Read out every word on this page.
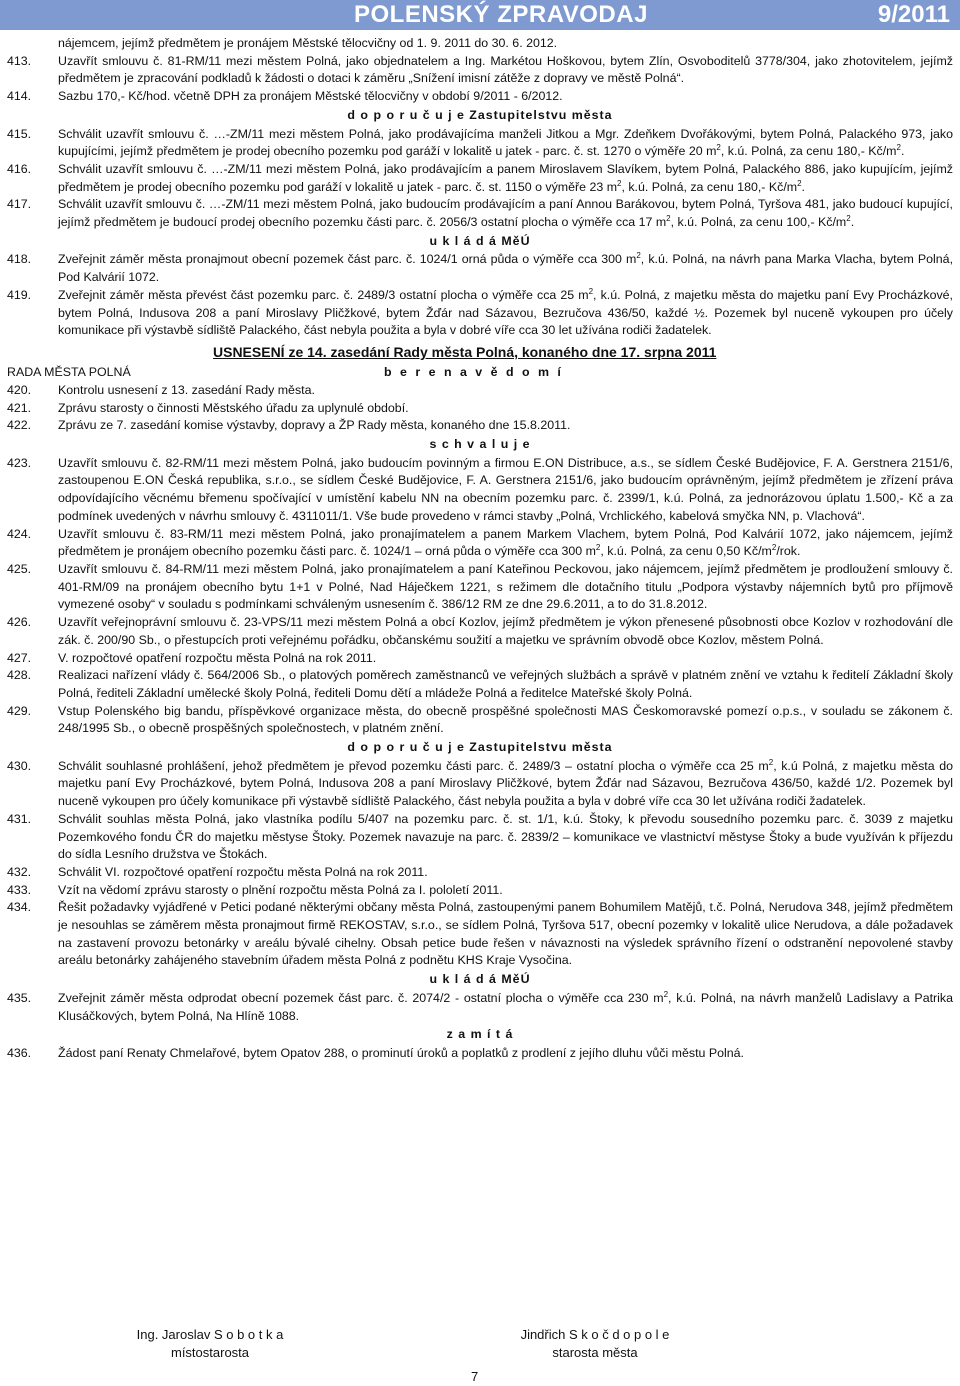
POLENSKÝ ZPRAVODAJ	9/2011
nájemcem, jejímž předmětem je pronájem Městské tělocvičny od 1. 9. 2011 do 30. 6. 2012.
413.	Uzavřít smlouvu č. 81-RM/11 mezi městem Polná, jako objednatelem a Ing. Markétou Hoškovou, bytem Zlín, Osvoboditelů 3778/304, jako zhotovitelem, jejímž předmětem je zpracování podkladů k žádosti o dotaci k záměru „Snížení imisní zátěže z dopravy ve městě Polná“.
414.	Sazbu 170,- Kč/hod. včetně DPH za pronájem Městské tělocvičny v období 9/2011 - 6/2012.
d o p o r u č u j e Zastupitelstvu města
415.	Schválit uzavřít smlouvu č. …-ZM/11 mezi městem Polná, jako prodávajícíma manželi Jitkou a Mgr. Zdeňkem Dvořákovými, bytem Polná, Palackého 973, jako kupujícími, jejímž předmětem je prodej obecního pozemku pod garáží v lokalitě u jatek - parc. č. st. 1270 o výměře 20 $m^2$, k.ú. Polná, za cenu 180,- $Kč/m^2$.
416.	Schválit uzavřít smlouvu č. …-ZM/11 mezi městem Polná, jako prodávajícím a panem Miroslavem Slavíkem, bytem Polná, Palackého 886, jako kupujícím, jejímž předmětem je prodej obecního pozemku pod garáží v lokalitě u jatek - parc. č. st. 1150 o výměře 23 $m^2$, k.ú. Polná, za cenu 180,- $Kč/m^2$.
417.	Schválit uzavřít smlouvu č. …-ZM/11 mezi městem Polná, jako budoucím prodávajícím a paní Annou Barákovou, bytem Polná, Tyršova 481, jako budoucí kupující, jejímž předmětem je budoucí prodej obecního pozemku části parc. č. 2056/3 ostatní plocha o výměře cca 17 $m^2$, k.ú. Polná, za cenu 100,- $Kč/m^2$.
u k l á d á MěÚ
418.	Zveřejnit záměr města pronajmout obecní pozemek část parc. č. 1024/1 orná půda o výměře cca 300 $m^2$, k.ú. Polná, na návrh pana Marka Vlacha, bytem Polná, Pod Kalvárií 1072.
419.	Zveřejnit záměr města převést část pozemku parc. č. 2489/3 ostatní plocha o výměře cca 25 $m^2$, k.ú. Polná, z majetku města do majetku paní Evy Procházkové, bytem Polná, Indusova 208 a paní Miroslavy Pličžkové, bytem Žďár nad Sázavou, Bezručova 436/50, každé ½. Pozemek byl nuceně vykoupen pro účely komunikace při výstavbě sídliště Palackého, část nebyla použita a byla v dobré víře cca 30 let užívána rodiči žadatelek.
USNESENÍ ze 14. zasedání Rady města Polná, konaného dne 17. srpna 2011
RADA MĚSTA POLNÁ	b e r e n a v ě d o m í
420.	Kontrolu usnesení z 13. zasedání Rady města.
421.	Zprávu starosty o činnosti Městského úřadu za uplynulé období.
422.	Zprávu ze 7. zasedání komise výstavby, dopravy a ŽP Rady města, konaného dne 15.8.2011.
s c h v a l u j e
423.	Uzavřít smlouvu č. 82-RM/11 mezi městem Polná, jako budoucím povinným a firmou E.ON Distribuce, a.s., se sídlem České Budějovice, F. A. Gerstnera 2151/6, zastoupenou E.ON Česká republika, s.r.o., se sídlem České Budějovice, F. A. Gerstnera 2151/6, jako budoucím oprávněným, jejímž předmětem je zřízení práva odpovídajícího věcnému břemenu spočívající v umístění kabelu NN na obecním pozemku parc. č. 2399/1, k.ú. Polná, za jednorázovou úplatu 1.500,- Kč a za podmínek uvedených v návrhu smlouvy č. 4311011/1. Vše bude provedeno v rámci stavby „Polná, Vrchlického, kabelová smyčka NN, p. Vlachová“.
424.	Uzavřít smlouvu č. 83-RM/11 mezi městem Polná, jako pronajímatelem a panem Markem Vlachem, bytem Polná, Pod Kalvárií 1072, jako nájemcem, jejímž předmětem je pronájem obecního pozemku části parc. č. 1024/1 – orná půda o výměře cca 300 $m^2$, k.ú. Polná, za cenu 0,50 $Kč/m^2$/rok.
425.	Uzavřít smlouvu č. 84-RM/11 mezi městem Polná, jako pronajímatelem a paní Kateřinou Peckovou, jako nájemcem, jejímž předmětem je prodloužení smlouvy č. 401-RM/09 na pronájem obecního bytu 1+1 v Polné, Nad Háječkem 1221, s režimem dle dotačního titulu „Podpora výstavby nájemních bytů pro příjmově vymezené osoby“ v souladu s podmínkami schváleným usnesením č. 386/12 RM ze dne 29.6.2011, a to do 31.8.2012.
426.	Uzavřít veřejnoprávní smlouvu č. 23-VPS/11 mezi městem Polná a obcí Kozlov, jejímž předmětem je výkon přenesené působnosti obce Kozlov v rozhodování dle zák. č. 200/90 Sb., o přestupcích proti veřejnému pořádku, občanskému soužití a majetku ve správním obvodě obce Kozlov, městem Polná.
427.	V. rozpočtové opatření rozpočtu města Polná na rok 2011.
428.	Realizaci nařízení vlády č. 564/2006 Sb., o platových poměrech zaměstnanců ve veřejných službách a správě v platném znění ve vztahu k ředitelí Základní školy Polná, řediteli Základní umělecké školy Polná, řediteli Domu dětí a mládeže Polná a ředitelce Mateřské školy Polná.
429.	Vstup Polenského big bandu, příspěvkové organizace města, do obecně prospěšné společnosti MAS Českomoravské pomezí o.p.s., v souladu se zákonem č. 248/1995 Sb., o obecně prospěšných společnostech, v platném znění.
d o p o r u č u j e Zastupitelstvu města
430.	Schválit souhlasné prohlášení, jehož předmětem je převod pozemku části parc. č. 2489/3 – ostatní plocha o výměře cca 25 $m^2$, k.ú Polná, z majetku města do majetku paní Evy Procházkové, bytem Polná, Indusova 208 a paní Miroslavy Pličžkové, bytem Žďár nad Sázavou, Bezručova 436/50, každé 1/2. Pozemek byl nuceně vykoupen pro účely komunikace při výstavbě sídliště Palackého, část nebyla použita a byla v dobré víře cca 30 let užívána rodiči žadatelek.
431.	Schválit souhlas města Polná, jako vlastníka podílu 5/407 na pozemku parc. č. st. 1/1, k.ú. Štoky, k převodu sousedního pozemku parc. č. 3039 z majetku Pozemkového fondu ČR do majetku městyse Štoky. Pozemek navazuje na parc. č. 2839/2 – komunikace ve vlastnictví městyse Štoky a bude využíván k příjezdu do sídla Lesního družstva ve Štokách.
432.	Schválit VI. rozpočtové opatření rozpočtu města Polná na rok 2011.
433.	Vzít na vědomí zprávu starosty o plnění rozpočtu města Polná za I. pololetí 2011.
434.	Řešit požadavky vyjádřené v Petici podané některými občany města Polná, zastoupenými panem Bohumilem Matějů, t.č. Polná, Nerudova 348, jejímž předmětem je nesouhlas se záměrem města pronajmout firmě REKOSTAV, s.r.o., se sídlem Polná, Tyršova 517, obecní pozemky v lokalitě ulice Nerudova, a dále požadavek na zastavení provozu betonárky v areálu bývalé cihelny. Obsah petice bude řešen v návaznosti na výsledek správního řízení o odstranění nepovolené stavby areálu betonárky zahájeného stavebním úřadem města Polná z podnětu KHS Kraje Vysočina.
u k l á d á MěÚ
435.	Zveřejnit záměr města odprodat obecní pozemek část parc. č. 2074/2 - ostatní plocha o výměře cca 230 $m^2$, k.ú. Polná, na návrh manželů Ladislavy a Patrika Klusáčkových, bytem Polná, Na Hlíně 1088.
z a m í t á
436.	Žádost paní Renaty Chmelařové, bytem Opatov 288, o prominutí úroků a poplatků z prodlení z jejího dluhu vůči městu Polná.
Ing. Jaroslav S o b o t k a
místostarosta
Jindřich S k o č d o p o l e
starosta města
7
